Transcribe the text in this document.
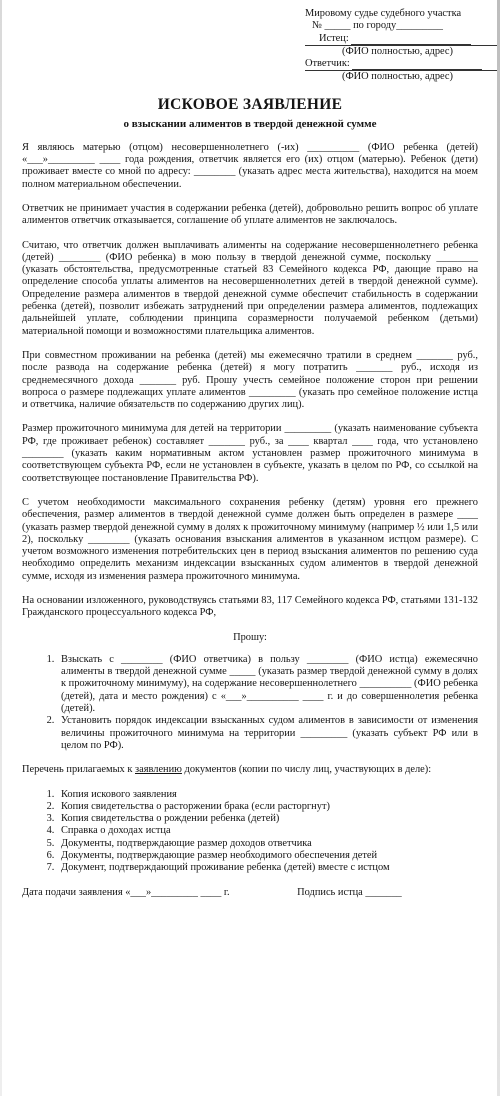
Мировому судье судебного участка
№ _____ по городу_________
Истец:
(ФИО полностью, адрес)
Ответчик:
(ФИО полностью, адрес)
ИСКОВОЕ ЗАЯВЛЕНИЕ
о взыскании алиментов в твердой денежной сумме

Я являюсь матерью (отцом) несовершеннолетнего (-их) __________ (ФИО ребенка (детей) «___»_________ ____ года рождения, ответчик является его (их) отцом (матерью). Ребенок (дети) проживает вместе со мной по адресу: ________ (указать адрес места жительства), находится на моем полном материальном обеспечении.

Ответчик не принимает участия в содержании ребенка (детей), добровольно решить вопрос об уплате алиментов ответчик отказывается, соглашение об уплате алиментов не заключалось.

Считаю, что ответчик должен выплачивать алименты на содержание несовершеннолетнего ребенка (детей) ________ (ФИО ребенка) в мою пользу в твердой денежной сумме, поскольку ________ (указать обстоятельства, предусмотренные статьей 83 Семейного кодекса РФ, дающие право на определение способа уплаты алиментов на несовершеннолетних детей в твердой денежной сумме). Определение размера алиментов в твердой денежной сумме обеспечит стабильность в содержании ребенка (детей), позволит избежать затруднений при определении размера алиментов, подлежащих дальнейшей уплате, соблюдении принципа соразмерности получаемой ребенком (детьми) материальной помощи и возможностями плательщика алиментов.

При совместном проживании на ребенка (детей) мы ежемесячно тратили в среднем _______ руб., после развода на содержание ребенка (детей) я могу потратить _______ руб., исходя из среднемесячного дохода _______ руб. Прошу учесть семейное положение сторон при решении вопроса о размере подлежащих уплате алиментов _________ (указать про семейное положение истца и ответчика, наличие обязательств по содержанию других лиц).

Размер прожиточного минимума для детей на территории _________ (указать наименование субъекта РФ, где проживает ребенок) составляет _______ руб., за ____ квартал ____ года, что установлено ________ (указать каким нормативным актом установлен размер прожиточного минимума в соответствующем субъекта РФ, если не установлен в субъекте, указать в целом по РФ, со ссылкой на соответствующее постановление Правительства РФ).

С учетом необходимости максимального сохранения ребенку (детям) уровня его прежнего обеспечения, размер алиментов в твердой денежной сумме должен быть определен в размере ____ (указать размер твердой денежной сумму в долях к прожиточному минимуму (например ½ или 1,5 или 2), поскольку ________ (указать основания взыскания алиментов в указанном истцом размере). С учетом возможного изменения потребительских цен в период взыскания алиментов по решению суда необходимо определить механизм индексации взысканных судом алиментов в твердой денежной сумме, исходя из изменения размера прожиточного минимума.

На основании изложенного, руководствуясь статьями 83, 117 Семейного кодекса РФ, статьями 131-132 Гражданского процессуального кодекса РФ,

Прошу:
1. Взыскать с ________ (ФИО ответчика) в пользу ________ (ФИО истца) ежемесячно алименты в твердой денежной сумме _____ (указать размер твердой денежной сумму в долях к прожиточному минимуму), на содержание несовершеннолетнего __________ (ФИО ребенка (детей), дата и место рождения) с «___»__________ ____ г. и до совершеннолетия ребенка (детей).
2. Установить порядок индексации взысканных судом алиментов в зависимости от изменения величины прожиточного минимума на территории _________ (указать субъект РФ или в целом по РФ).

Перечень прилагаемых к заявлению документов (копии по числу лиц, участвующих в деле):

1. Копия искового заявления
2. Копия свидетельства о расторжении брака (если расторгнут)
3. Копия свидетельства о рождении ребенка (детей)
4. Справка о доходах истца
5. Документы, подтверждающие размер доходов ответчика
6. Документы, подтверждающие размер необходимого обеспечения детей
7. Документ, подтверждающий проживание ребенка (детей) вместе с истцом
Дата подачи заявления «___»_________ ____ г.	Подпись истца _______
